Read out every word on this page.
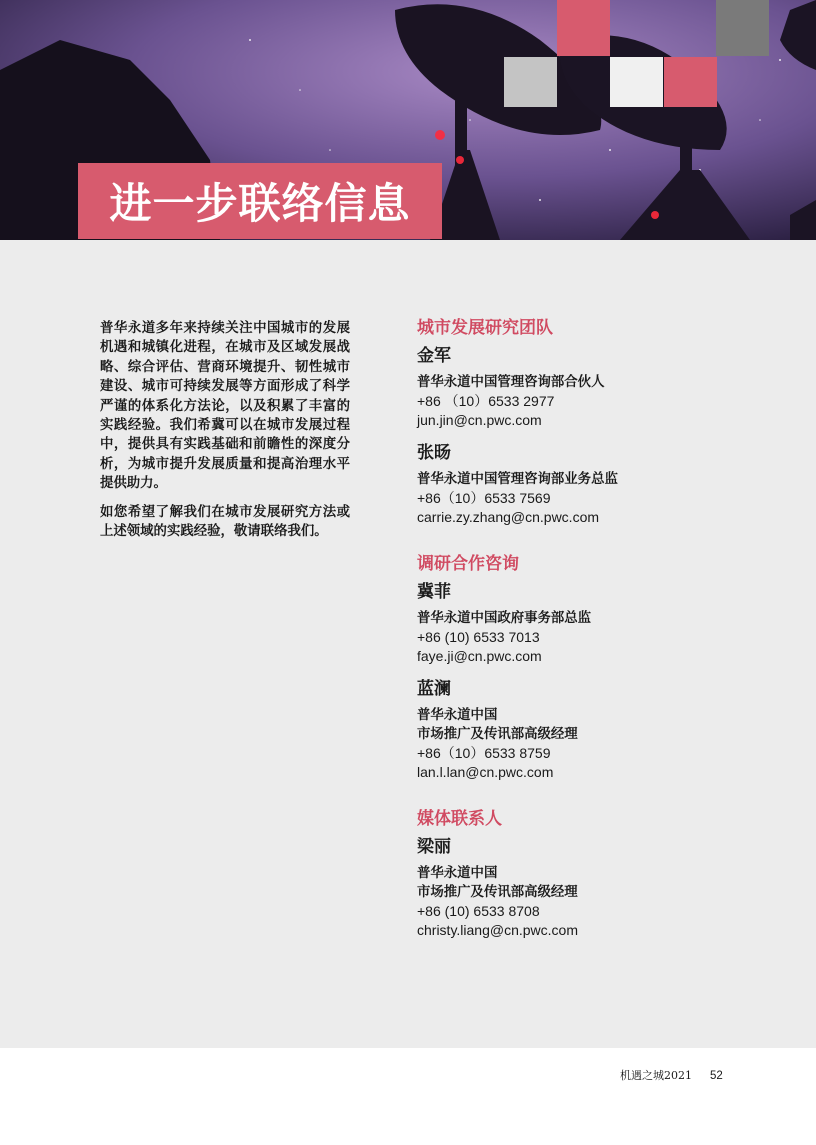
进一步联络信息

普华永道多年来持续关注中国城市的发展机遇和城镇化进程，在城市及区域发展战略、综合评估、营商环境提升、韧性城市建设、城市可持续发展等方面形成了科学严谨的体系化方法论，以及积累了丰富的实践经验。我们希冀可以在城市发展过程中，提供具有实践基础和前瞻性的深度分析，为城市提升发展质量和提高治理水平提供助力。

如您希望了解我们在城市发展研究方法或上述领域的实践经验，敬请联络我们。

城市发展研究团队
金军
普华永道中国管理咨询部合伙人
+86 （10）6533 2977
jun.jin@cn.pwc.com
张旸
普华永道中国管理咨询部业务总监
+86（10）6533 7569
carrie.zy.zhang@cn.pwc.com
调研合作咨询
冀菲
普华永道中国政府事务部总监
+86 (10) 6533 7013
faye.ji@cn.pwc.com
蓝澜
普华永道中国
市场推广及传讯部高级经理
+86（10）6533 8759
lan.l.lan@cn.pwc.com
媒体联系人
梁丽
普华永道中国
市场推广及传讯部高级经理
+86 (10) 6533 8708
christy.liang@cn.pwc.com
机遇之城2021 52
